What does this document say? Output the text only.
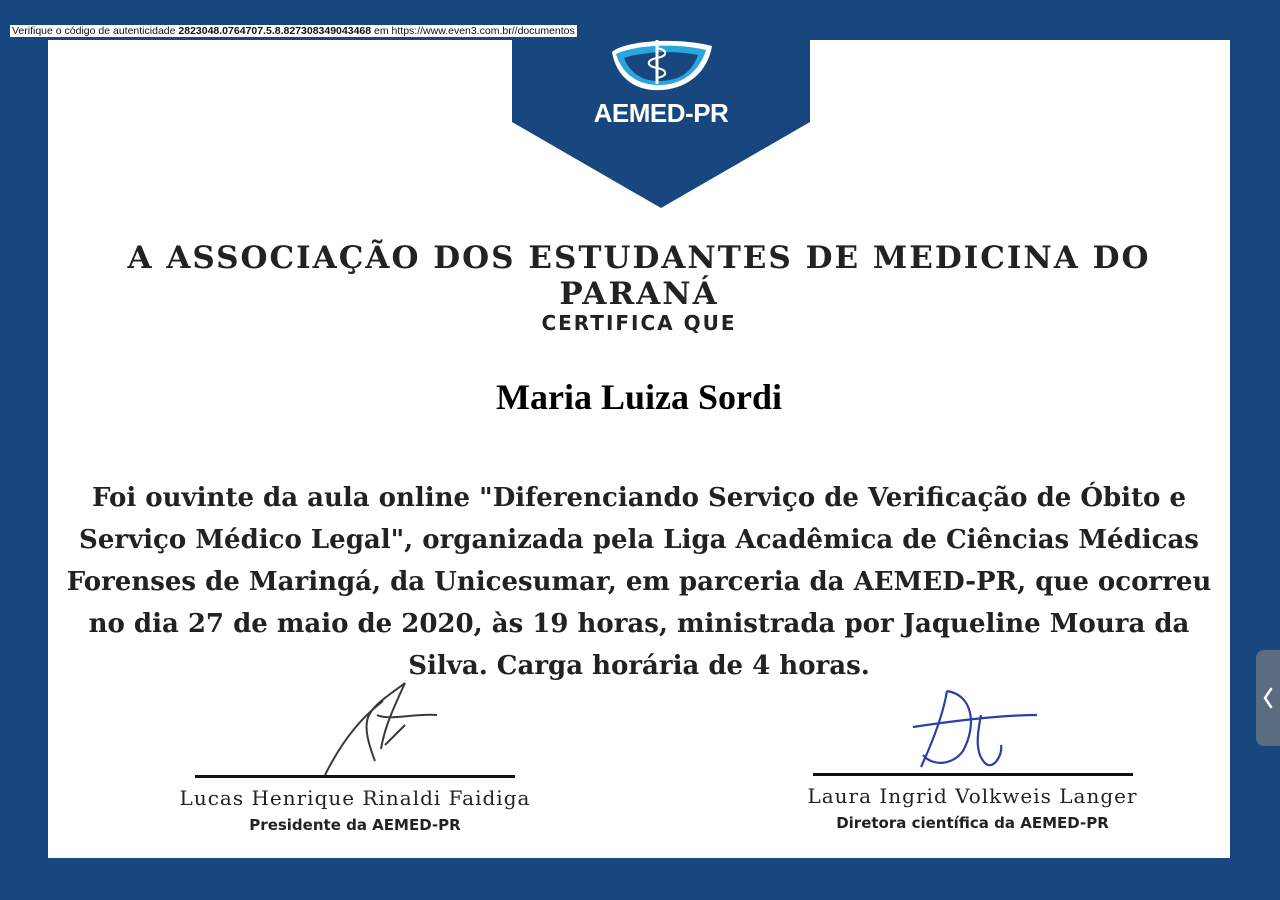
Verifique o código de autenticidade 2823048.0764707.5.8.827308349043468 em https://www.even3.com.br//documentos
AEMED-PR
A ASSOCIAÇÃO DOS ESTUDANTES DE MEDICINA DO PARANÁ
CERTIFICA QUE
Maria Luiza Sordi
Foi ouvinte da aula online "Diferenciando Serviço de Verificação de Óbito e Serviço Médico Legal", organizada pela Liga Acadêmica de Ciências Médicas Forenses de Maringá, da Unicesumar, em parceria da AEMED-PR, que ocorreu no dia 27 de maio de 2020, às 19 horas, ministrada por Jaqueline Moura da Silva. Carga horária de 4 horas.
Lucas Henrique Rinaldi Faidiga
Presidente da AEMED-PR
Laura Ingrid Volkweis Langer
Diretora científica da AEMED-PR
